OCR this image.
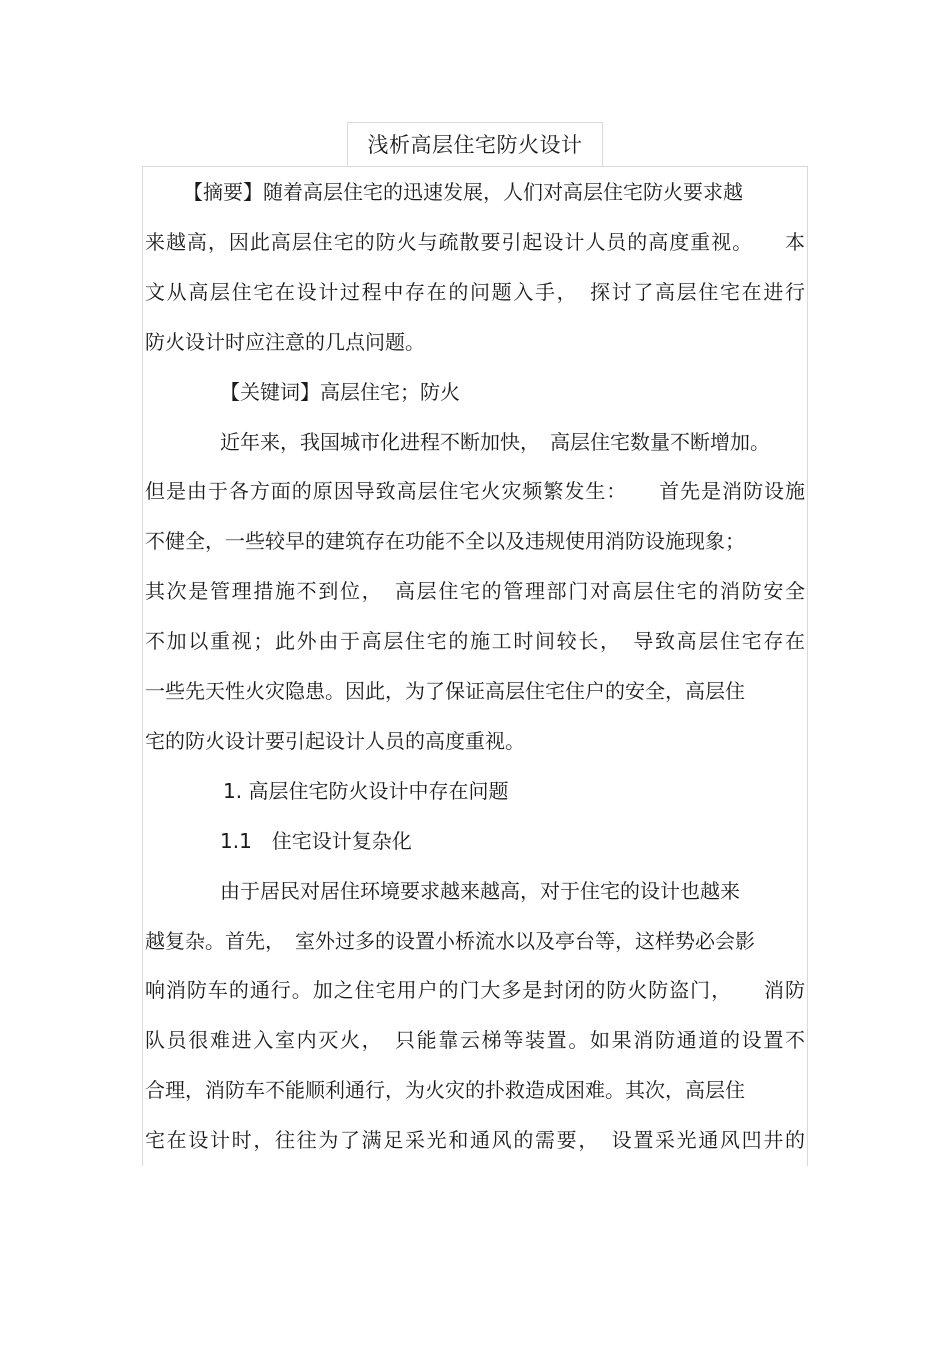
浅析高层住宅防火设计
【摘要】随着高层住宅的迅速发展，人们对高层住宅防火要求越
来越高，因此高层住宅的防火与疏散要引起设计人员的高度重视。　　本
文从高层住宅在设计过程中存在的问题入手，　探讨了高层住宅在进行
防火设计时应注意的几点问题。
【关键词】高层住宅；防火
近年来，我国城市化进程不断加快，　高层住宅数量不断增加。
但是由于各方面的原因导致高层住宅火灾频繁发生：　　首先是消防设施
不健全，一些较早的建筑存在功能不全以及违规使用消防设施现象；
其次是管理措施不到位，　高层住宅的管理部门对高层住宅的消防安全
不加以重视；此外由于高层住宅的施工时间较长，　导致高层住宅存在
一些先天性火灾隐患。因此，为了保证高层住宅住户的安全，高层住
宅的防火设计要引起设计人员的高度重视。
1. 高层住宅防火设计中存在问题
1.1　住宅设计复杂化
由于居民对居住环境要求越来越高，对于住宅的设计也越来
越复杂。首先，　室外过多的设置小桥流水以及亭台等，这样势必会影
响消防车的通行。加之住宅用户的门大多是封闭的防火防盗门，　　消防
队员很难进入室内灭火，　只能靠云梯等装置。如果消防通道的设置不
合理，消防车不能顺利通行，为火灾的扑救造成困难。其次，高层住
宅在设计时，往往为了满足采光和通风的需要，　设置采光通风凹井的
